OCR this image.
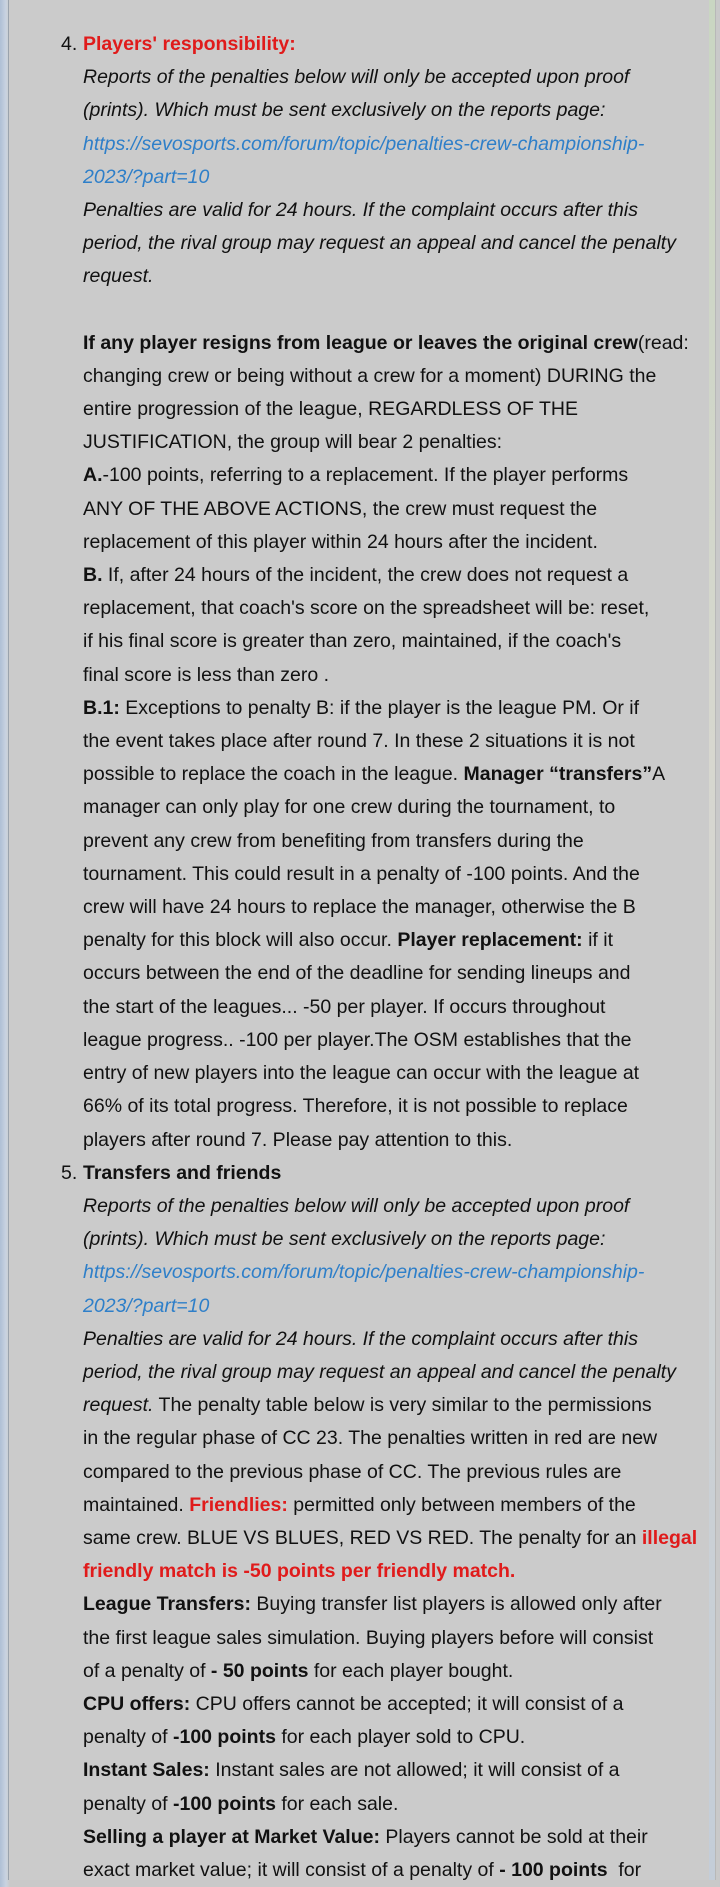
4. Players' responsibility:
Reports of the penalties below will only be accepted upon proof
(prints). Which must be sent exclusively on the reports page:
https://sevosports.com/forum/topic/penalties-crew-championship-
2023/?part=10
Penalties are valid for 24 hours. If the complaint occurs after this
period, the rival group may request an appeal and cancel the penalty
request.
If any player resigns from league or leaves the original crew(read:
changing crew or being without a crew for a moment) DURING the
entire progression of the league, REGARDLESS OF THE
JUSTIFICATION, the group will bear 2 penalties:
A.-100 points, referring to a replacement. If the player performs
ANY OF THE ABOVE ACTIONS, the crew must request the
replacement of this player within 24 hours after the incident.
B. If, after 24 hours of the incident, the crew does not request a
replacement, that coach's score on the spreadsheet will be: reset,
if his final score is greater than zero, maintained, if the coach's
final score is less than zero .
B.1: Exceptions to penalty B: if the player is the league PM. Or if
the event takes place after round 7. In these 2 situations it is not
possible to replace the coach in the league. Manager “transfers”A
manager can only play for one crew during the tournament, to
prevent any crew from benefiting from transfers during the
tournament. This could result in a penalty of -100 points. And the
crew will have 24 hours to replace the manager, otherwise the B
penalty for this block will also occur. Player replacement: if it
occurs between the end of the deadline for sending lineups and
the start of the leagues... -50 per player. If occurs throughout
league progress.. -100 per player.The OSM establishes that the
entry of new players into the league can occur with the league at
66% of its total progress. Therefore, it is not possible to replace
players after round 7. Please pay attention to this.
5. Transfers and friends
Reports of the penalties below will only be accepted upon proof
(prints). Which must be sent exclusively on the reports page:
https://sevosports.com/forum/topic/penalties-crew-championship-
2023/?part=10
Penalties are valid for 24 hours. If the complaint occurs after this
period, the rival group may request an appeal and cancel the penalty
request. The penalty table below is very similar to the permissions
in the regular phase of CC 23. The penalties written in red are new
compared to the previous phase of CC. The previous rules are
maintained. Friendlies: permitted only between members of the
same crew. BLUE VS BLUES, RED VS RED. The penalty for an illegal
friendly match is -50 points per friendly match.
League Transfers: Buying transfer list players is allowed only after
the first league sales simulation. Buying players before will consist
of a penalty of - 50 points for each player bought.
CPU offers: CPU offers cannot be accepted; it will consist of a
penalty of -100 points for each player sold to CPU.
Instant Sales: Instant sales are not allowed; it will consist of a
penalty of -100 points for each sale.
Selling a player at Market Value: Players cannot be sold at their
exact market value; it will consist of a penalty of - 100 points  for
